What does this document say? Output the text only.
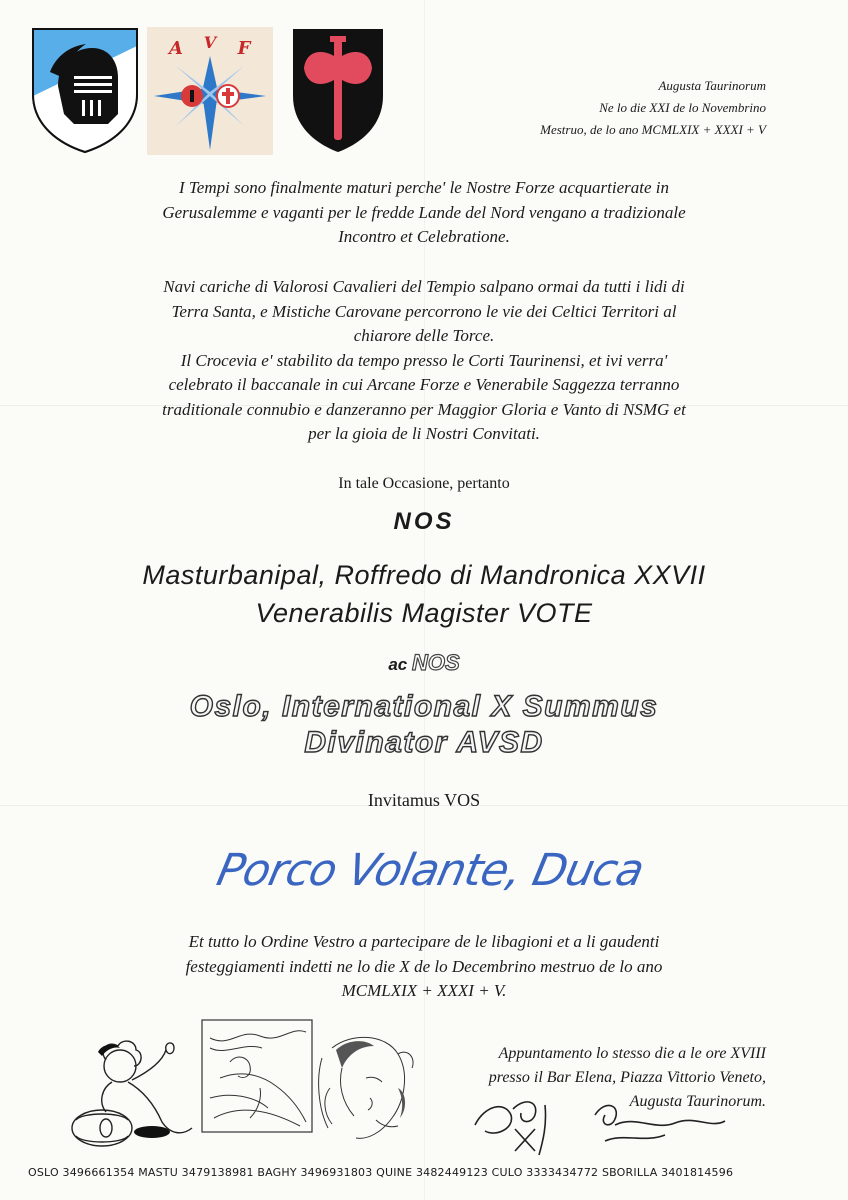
A V F
Augusta Taurinorum
Ne lo die XXI de lo Novembrino
Mestruo, de lo ano MCMLXIX + XXXI + V
I Tempi sono finalmente maturi perche' le Nostre Forze acquartierate in
Gerusalemme e vaganti per le fredde Lande del Nord vengano a tradizionale
Incontro et Celebratione.
Navi cariche di Valorosi Cavalieri del Tempio salpano ormai da tutti i lidi di
Terra Santa, e Mistiche Carovane percorrono le vie dei Celtici Territori al
chiarore delle Torce.
Il Crocevia e' stabilito da tempo presso le Corti Taurinensi, et ivi verra'
celebrato il baccanale in cui Arcane Forze e Venerabile Saggezza terranno
traditionale connubio e danzeranno per Maggior Gloria e Vanto di NSMG et
per la gioia de li Nostri Convitati.
In tale Occasione, pertanto
NOS
Masturbanipal, Roffredo di Mandronica XXVII
Venerabilis Magister VOTE
ac NOS
Oslo, International X Summus
Divinator AVSD
Invitamus VOS
Porco Volante, Duca
Et tutto lo Ordine Vestro a partecipare de le libagioni et a li gaudenti
festeggiamenti indetti ne lo die X de lo Decembrino mestruo de lo ano
MCMLXIX + XXXI + V.
Appuntamento lo stesso die a le ore XVIII
presso il Bar Elena, Piazza Vittorio Veneto,
Augusta Taurinorum.
OSLO 3496661354 MASTU 3479138981 BAGHY 3496931803 QUINE 3482449123 CULO 3333434772 SBORILLA 3401814596
